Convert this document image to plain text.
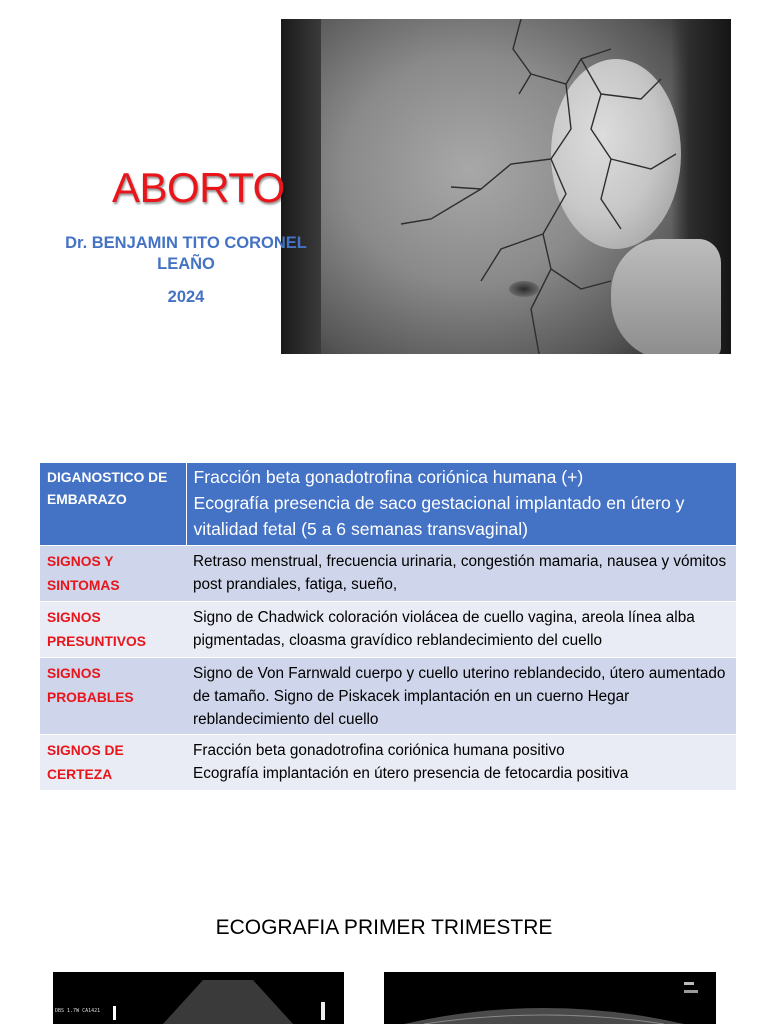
ABORTO
Dr. BENJAMIN TITO CORONEL
LEAÑO
2024
DIGANOSTICO DE EMBARAZO	Fracción beta gonadotrofina coriónica humana (+)
Ecografía presencia de saco gestacional implantado en útero y vitalidad fetal (5 a 6 semanas transvaginal)

SIGNOS Y SINTOMAS	Retraso menstrual, frecuencia urinaria, congestión mamaria, nausea y vómitos post prandiales, fatiga, sueño,
SIGNOS PRESUNTIVOS	Signo de Chadwick coloración violácea de cuello vagina, areola línea alba pigmentadas, cloasma gravídico reblandecimiento del cuello
SIGNOS PROBABLES	Signo de Von Farnwald cuerpo y cuello uterino reblandecido, útero aumentado de tamaño. Signo de Piskacek implantación en un cuerno Hegar reblandecimiento del cuello
SIGNOS DE CERTEZA	Fracción beta gonadotrofina coriónica humana positivo
Ecografía implantación en útero presencia de fetocardia positiva
ECOGRAFIA PRIMER TRIMESTRE
DBS 1.7W CA1421
